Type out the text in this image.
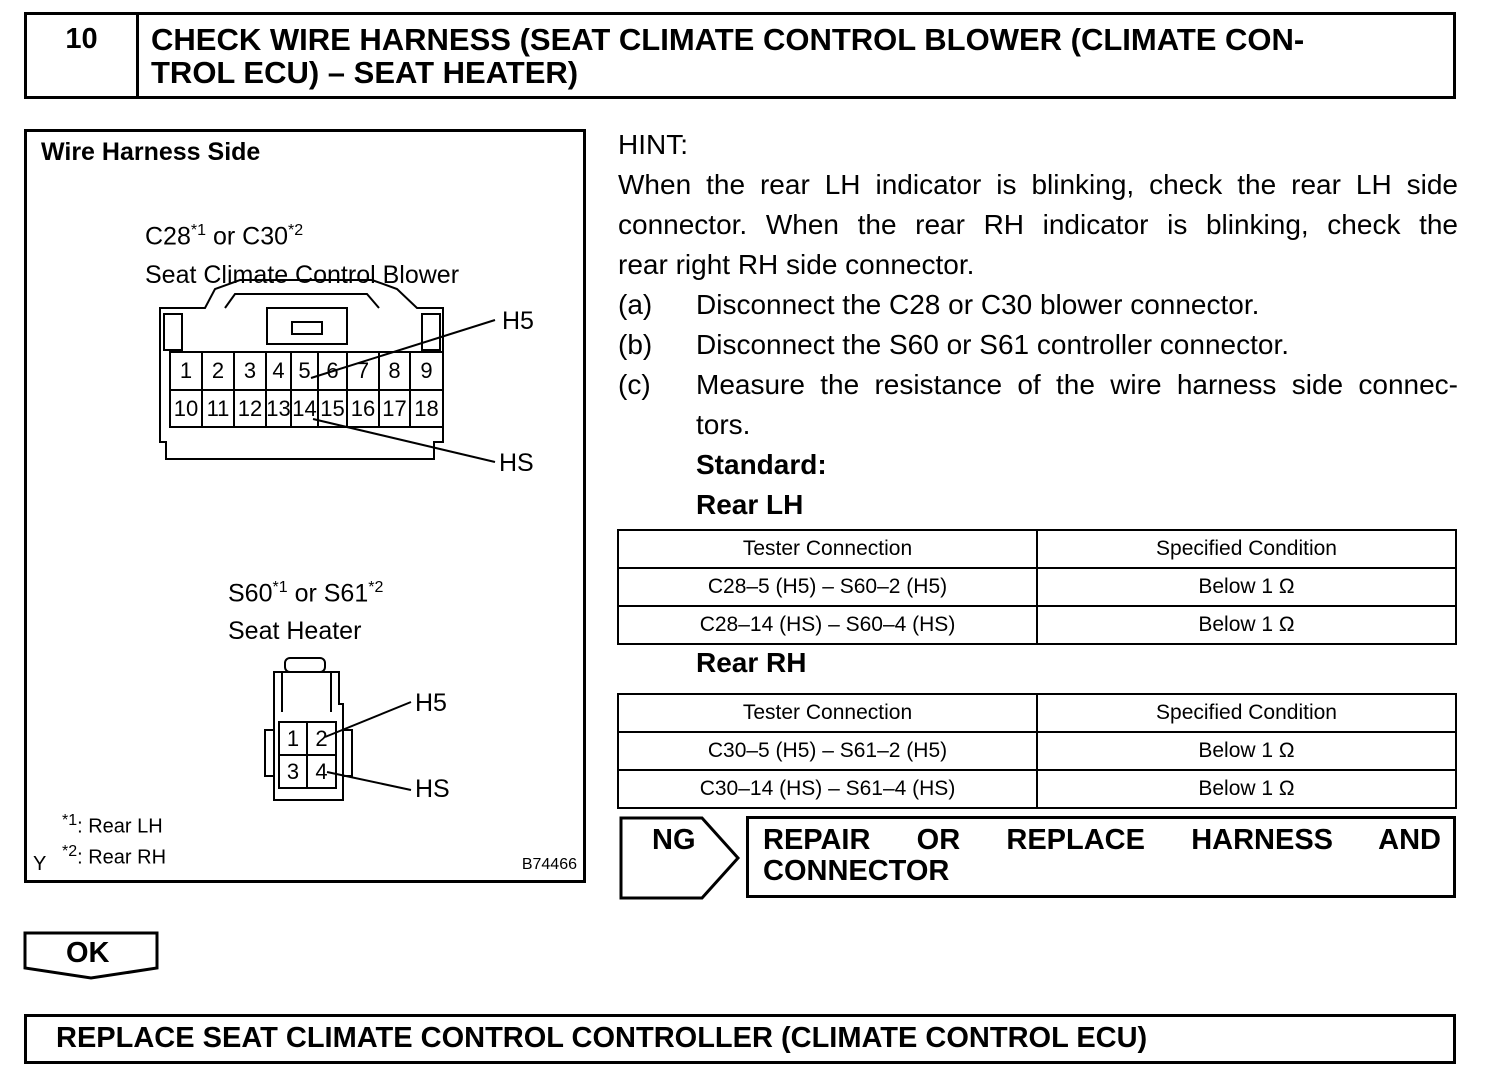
10	CHECK WIRE HARNESS (SEAT CLIMATE CONTROL BLOWER (CLIMATE CON-
TROL ECU) – SEAT HEATER)
Wire Harness Side
C28$^{*1}$ or C30$^{*2}$
Seat Climate Control Blower
1 2 3 4 5 6 7 8 9
10 11 12 13 14 15 16 17 18
H5
HS
S60$^{*1}$ or S61$^{*2}$
Seat Heater
1 2
3 4
H5
HS
$^{*1}$: Rear LH
$^{*2}$: Rear RH
Y	B74466
HINT:
When the rear LH indicator is blinking, check the rear LH side
connector. When the rear RH indicator is blinking, check the
rear right RH side connector.
(a)	Disconnect the C28 or C30 blower connector.
(b)	Disconnect the S60 or S61 controller connector.
(c)	Measure the resistance of the wire harness side connec-
tors.
Standard:
Rear LH
Tester Connection	Specified Condition
C28–5 (H5) – S60–2 (H5)	Below 1 Ω
C28–14 (HS) – S60–4 (HS)	Below 1 Ω
Rear RH
Tester Connection	Specified Condition
C30–5 (H5) – S61–2 (H5)	Below 1 Ω
C30–14 (HS) – S61–4 (HS)	Below 1 Ω
NG REPAIR OR REPLACE HARNESS AND
CONNECTOR
OK
REPLACE SEAT CLIMATE CONTROL CONTROLLER (CLIMATE CONTROL ECU)
